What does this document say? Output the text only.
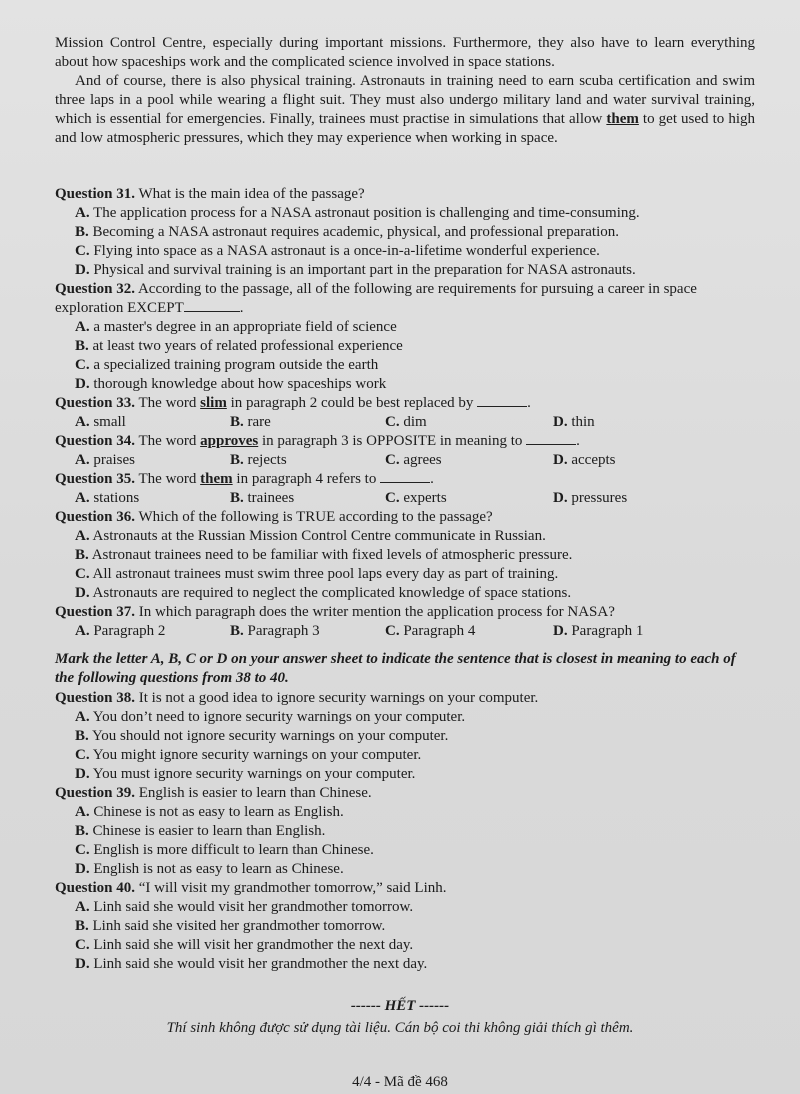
Mission Control Centre, especially during important missions. Furthermore, they also have to learn everything about how spaceships work and the complicated science involved in space stations.

And of course, there is also physical training. Astronauts in training need to earn scuba certification and swim three laps in a pool while wearing a flight suit. They must also undergo military land and water survival training, which is essential for emergencies. Finally, trainees must practise in simulations that allow them to get used to high and low atmospheric pressures, which they may experience when working in space.

Question 31. What is the main idea of the passage?

A. The application process for a NASA astronaut position is challenging and time-consuming.

B. Becoming a NASA astronaut requires academic, physical, and professional preparation.

C. Flying into space as a NASA astronaut is a once-in-a-lifetime wonderful experience.

D. Physical and survival training is an important part in the preparation for NASA astronauts.

Question 32. According to the passage, all of the following are requirements for pursuing a career in space exploration EXCEPT	.

A. a master's degree in an appropriate field of science

B. at least two years of related professional experience

C. a specialized training program outside the earth

D. thorough knowledge about how spaceships work

Question 33. The word slim in paragraph 2 could be best replaced by	.

A. small	B. rare	C. dim	D. thin

Question 34. The word approves in paragraph 3 is OPPOSITE in meaning to	.

A. praises	B. rejects	C. agrees	D. accepts

Question 35. The word them in paragraph 4 refers to	.

A. stations	B. trainees	C. experts	D. pressures

Question 36. Which of the following is TRUE according to the passage?

A. Astronauts at the Russian Mission Control Centre communicate in Russian.

B. Astronaut trainees need to be familiar with fixed levels of atmospheric pressure.

C. All astronaut trainees must swim three pool laps every day as part of training.

D. Astronauts are required to neglect the complicated knowledge of space stations.

Question 37. In which paragraph does the writer mention the application process for NASA?

A. Paragraph 2	B. Paragraph 3	C. Paragraph 4	D. Paragraph 1

Mark the letter A, B, C or D on your answer sheet to indicate the sentence that is closest in meaning to each of the following questions from 38 to 40.

Question 38. It is not a good idea to ignore security warnings on your computer.

A. You don’t need to ignore security warnings on your computer.

B. You should not ignore security warnings on your computer.

C. You might ignore security warnings on your computer.

D. You must ignore security warnings on your computer.

Question 39. English is easier to learn than Chinese.

A. Chinese is not as easy to learn as English.

B. Chinese is easier to learn than English.

C. English is more difficult to learn than Chinese.

D. English is not as easy to learn as Chinese.

Question 40. “I will visit my grandmother tomorrow,” said Linh.

A. Linh said she would visit her grandmother tomorrow.

B. Linh said she visited her grandmother tomorrow.

C. Linh said she will visit her grandmother the next day.

D. Linh said she would visit her grandmother the next day.

------ HẾT ------
Thí sinh không được sử dụng tài liệu. Cán bộ coi thi không giải thích gì thêm.
4/4 - Mã đề 468
